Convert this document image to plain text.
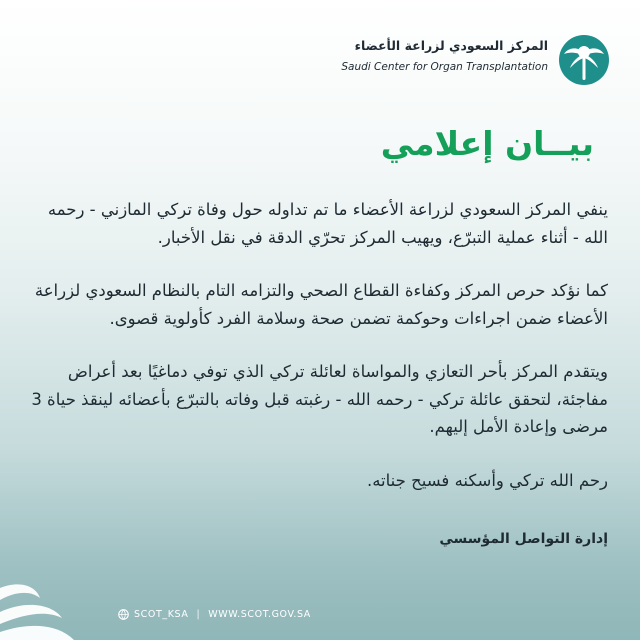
المركز السعودي لزراعة الأعضاء
Saudi Center for Organ Transplantation
بيــان إعلامي

ينفي المركز السعودي لزراعة الأعضاء ما تم تداوله حول وفاة تركي المازني - رحمه الله - أثناء عملية التبرّع، ويهيب المركز تحرّي الدقة في نقل الأخبار.

كما نؤكد حرص المركز وكفاءة القطاع الصحي والتزامه التام بالنظام السعودي لزراعة الأعضاء ضمن اجراءات وحوكمة تضمن صحة وسلامة الفرد كأولوية قصوى.

ويتقدم المركز بأحر التعازي والمواساة لعائلة تركي الذي توفي دماغيًا بعد أعراض مفاجئة، لتحقق عائلة تركي - رحمه الله - رغبته قبل وفاته بالتبرّع بأعضائه لينقذ حياة 3 مرضى وإعادة الأمل إليهم.

رحم الله تركي وأسكنه فسيح جناته.

إدارة التواصل المؤسسي
SCOT_KSA | WWW.SCOT.GOV.SA
